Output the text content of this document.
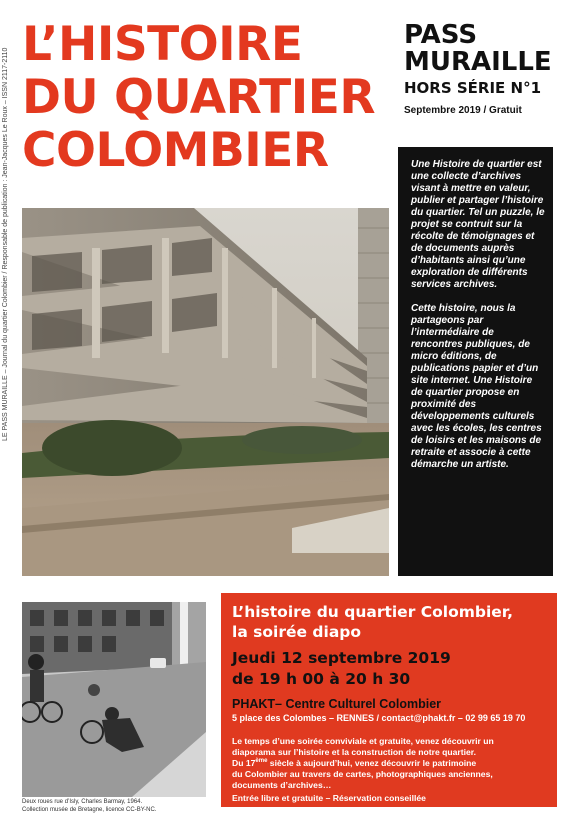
LE PASS MURAILLE – Journal du quartier Colombier / Responsable de publication : Jean-Jacques Le Roux – ISSN 2117-2110
L’HISTOIRE
DU QUARTIER
COLOMBIER
PASS
MURAILLE
HORS SÉRIE N°1
Septembre 2019 / Gratuit

Une Histoire de quartier est une collecte d’archives visant à mettre en valeur, publier et partager l’histoire du quartier. Tel un puzzle, le projet se contruit sur la récolte de témoignages et de documents auprès d’habitants ainsi qu’une exploration de différents services archives.

Cette histoire, nous la partageons par l’intermédiaire de rencontres publiques, de micro éditions, de publications papier et d’un site internet. Une Histoire de quartier propose en proximité des développements culturels avec les écoles, les centres de loisirs et les maisons de retraite et associe à cette démarche un artiste.

Deux roues rue d’Isly, Charles Barmay, 1964.
Collection musée de Bretagne, licence CC-BY-NC.
L’histoire du quartier Colombier,
la soirée diapo
Jeudi 12 septembre 2019
de 19 h 00 à 20 h 30
PHAKT– Centre Culturel Colombier
5 place des Colombes – RENNES / contact@phakt.fr – 02 99 65 19 70
Le temps d’une soirée conviviale et gratuite, venez découvrir un
diaporama sur l’histoire et la construction de notre quartier.
Du 17ème siècle à aujourd’hui, venez découvrir le patrimoine
du Colombier au travers de cartes, photographiques anciennes,
documents d’archives…
Entrée libre et gratuite – Réservation conseillée
